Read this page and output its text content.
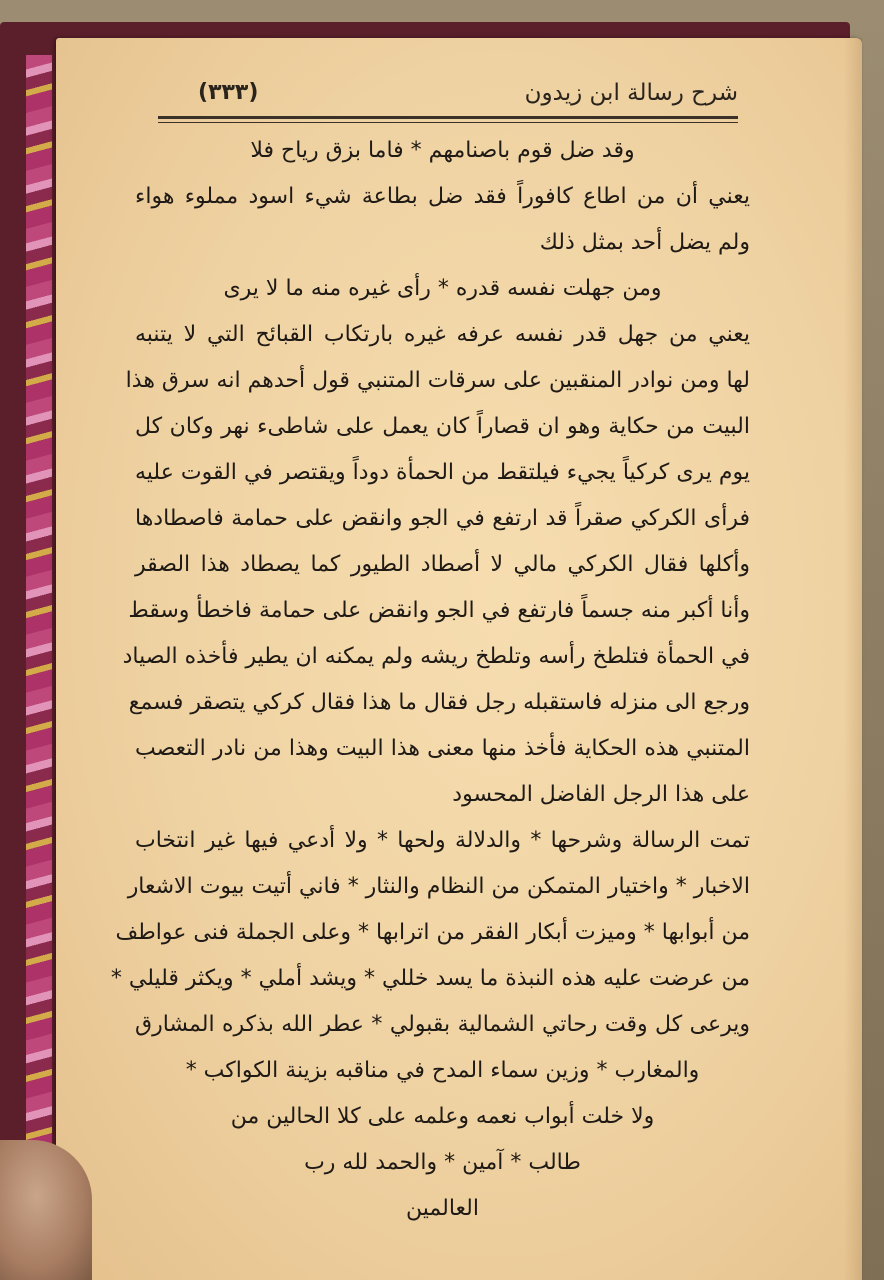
شرح رسالة ابن زيدون
(٣٣٣)
وقد ضل قوم باصنامهم * فاما بزق رياح فلا
يعني أن من اطاع كافوراً فقد ضل بطاعة شيء اسود مملوء هواء
ولم يضل أحد بمثل ذلك
ومن جهلت نفسه قدره * رأى غيره منه ما لا يرى
يعني من جهل قدر نفسه عرفه غيره بارتكاب القبائح التي لا يتنبه
لها ومن نوادر المنقبين على سرقات المتنبي قول أحدهم انه سرق هذا
البيت من حكاية وهو ان قصاراً كان يعمل على شاطىء نهر وكان كل
يوم يرى كركياً يجيء فيلتقط من الحمأة دوداً ويقتصر في القوت عليه
فرأى الكركي صقراً قد ارتفع في الجو وانقض على حمامة فاصطادها
وأكلها فقال الكركي مالي لا أصطاد الطيور كما يصطاد هذا الصقر
وأنا أكبر منه جسماً فارتفع في الجو وانقض على حمامة فاخطأ وسقط
في الحمأة فتلطخ رأسه وتلطخ ريشه ولم يمكنه ان يطير فأخذه الصياد
ورجع الى منزله فاستقبله رجل فقال ما هذا فقال كركي يتصقر فسمع
المتنبي هذه الحكاية فأخذ منها معنى هذا البيت وهذا من نادر التعصب
على هذا الرجل الفاضل المحسود
تمت الرسالة وشرحها * والدلالة ولحها * ولا أدعي فيها غير انتخاب
الاخبار * واختيار المتمكن من النظام والنثار * فاني أتيت بيوت الاشعار
من أبوابها * وميزت أبكار الفقر من اترابها * وعلى الجملة فنى عواطف
من عرضت عليه هذه النبذة ما يسد خللي * ويشد أملي * ويكثر قليلي *
ويرعى كل وقت رحاتي الشمالية بقبولي * عطر الله بذكره المشارق
والمغارب * وزين سماء المدح في مناقبه بزينة الكواكب *
ولا خلت أبواب نعمه وعلمه على كلا الحالين من
طالب * آمين * والحمد لله رب
العالمين
